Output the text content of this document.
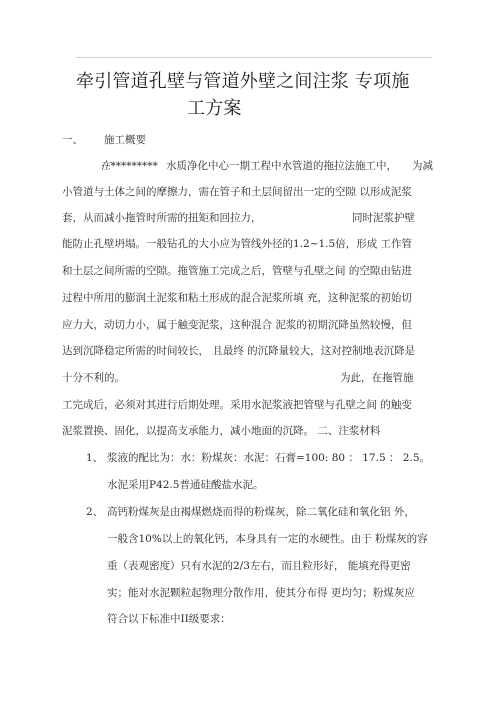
牵引管道孔壁与管道外壁之间注浆 专项施
工方案
一、 施工概要
在********* 水质净化中心一期工程中水管道的拖拉法施工中， 为减
小管道与土体之间的摩擦力，需在管子和土层间留出一定的空隙 以形成泥浆
套，从而减小拖管时所需的扭矩和回拉力，	同时泥浆护壁
能防止孔壁坍塌。一般钻孔的大小应为管线外径的1.2~1.5倍，形成 工作管
和土层之间所需的空隙。拖管施工完成之后，管壁与孔壁之间 的空隙由钻进
过程中所用的膨润土泥浆和粘土形成的混合泥浆所填 充，这种泥浆的初始切
应力大，动切力小，属于触变泥浆，这种混合 泥浆的初期沉降虽然较慢，但
达到沉降稳定所需的时间较长， 且最终 的沉降量较大，这对控制地表沉降是
十分不利的。	为此，在拖管施
工完成后，必须对其进行后期处理。采用水泥浆液把管壁与孔壁之间 的触变
泥浆置换、固化，以提高支承能力，减小地面的沉降。 二、注浆材料
1、 浆液的配比为：水：粉煤灰：水泥：石膏=100: 80 ： 17.5 ： 2.5。
水泥采用P42.5普通硅酸盐水泥。
2、 高钙粉煤灰是由褐煤燃烧而得的粉煤灰，除二氧化硅和氧化铝 外，
一般含10%以上的氧化钙，本身具有一定的水硬性。由于 粉煤灰的容
重（表观密度）只有水泥的2/3左右，而且粒形好， 能填充得更密
实；能对水泥颗粒起物理分散作用，使其分布得 更均匀；粉煤灰应
符合以下标准中II级要求：
